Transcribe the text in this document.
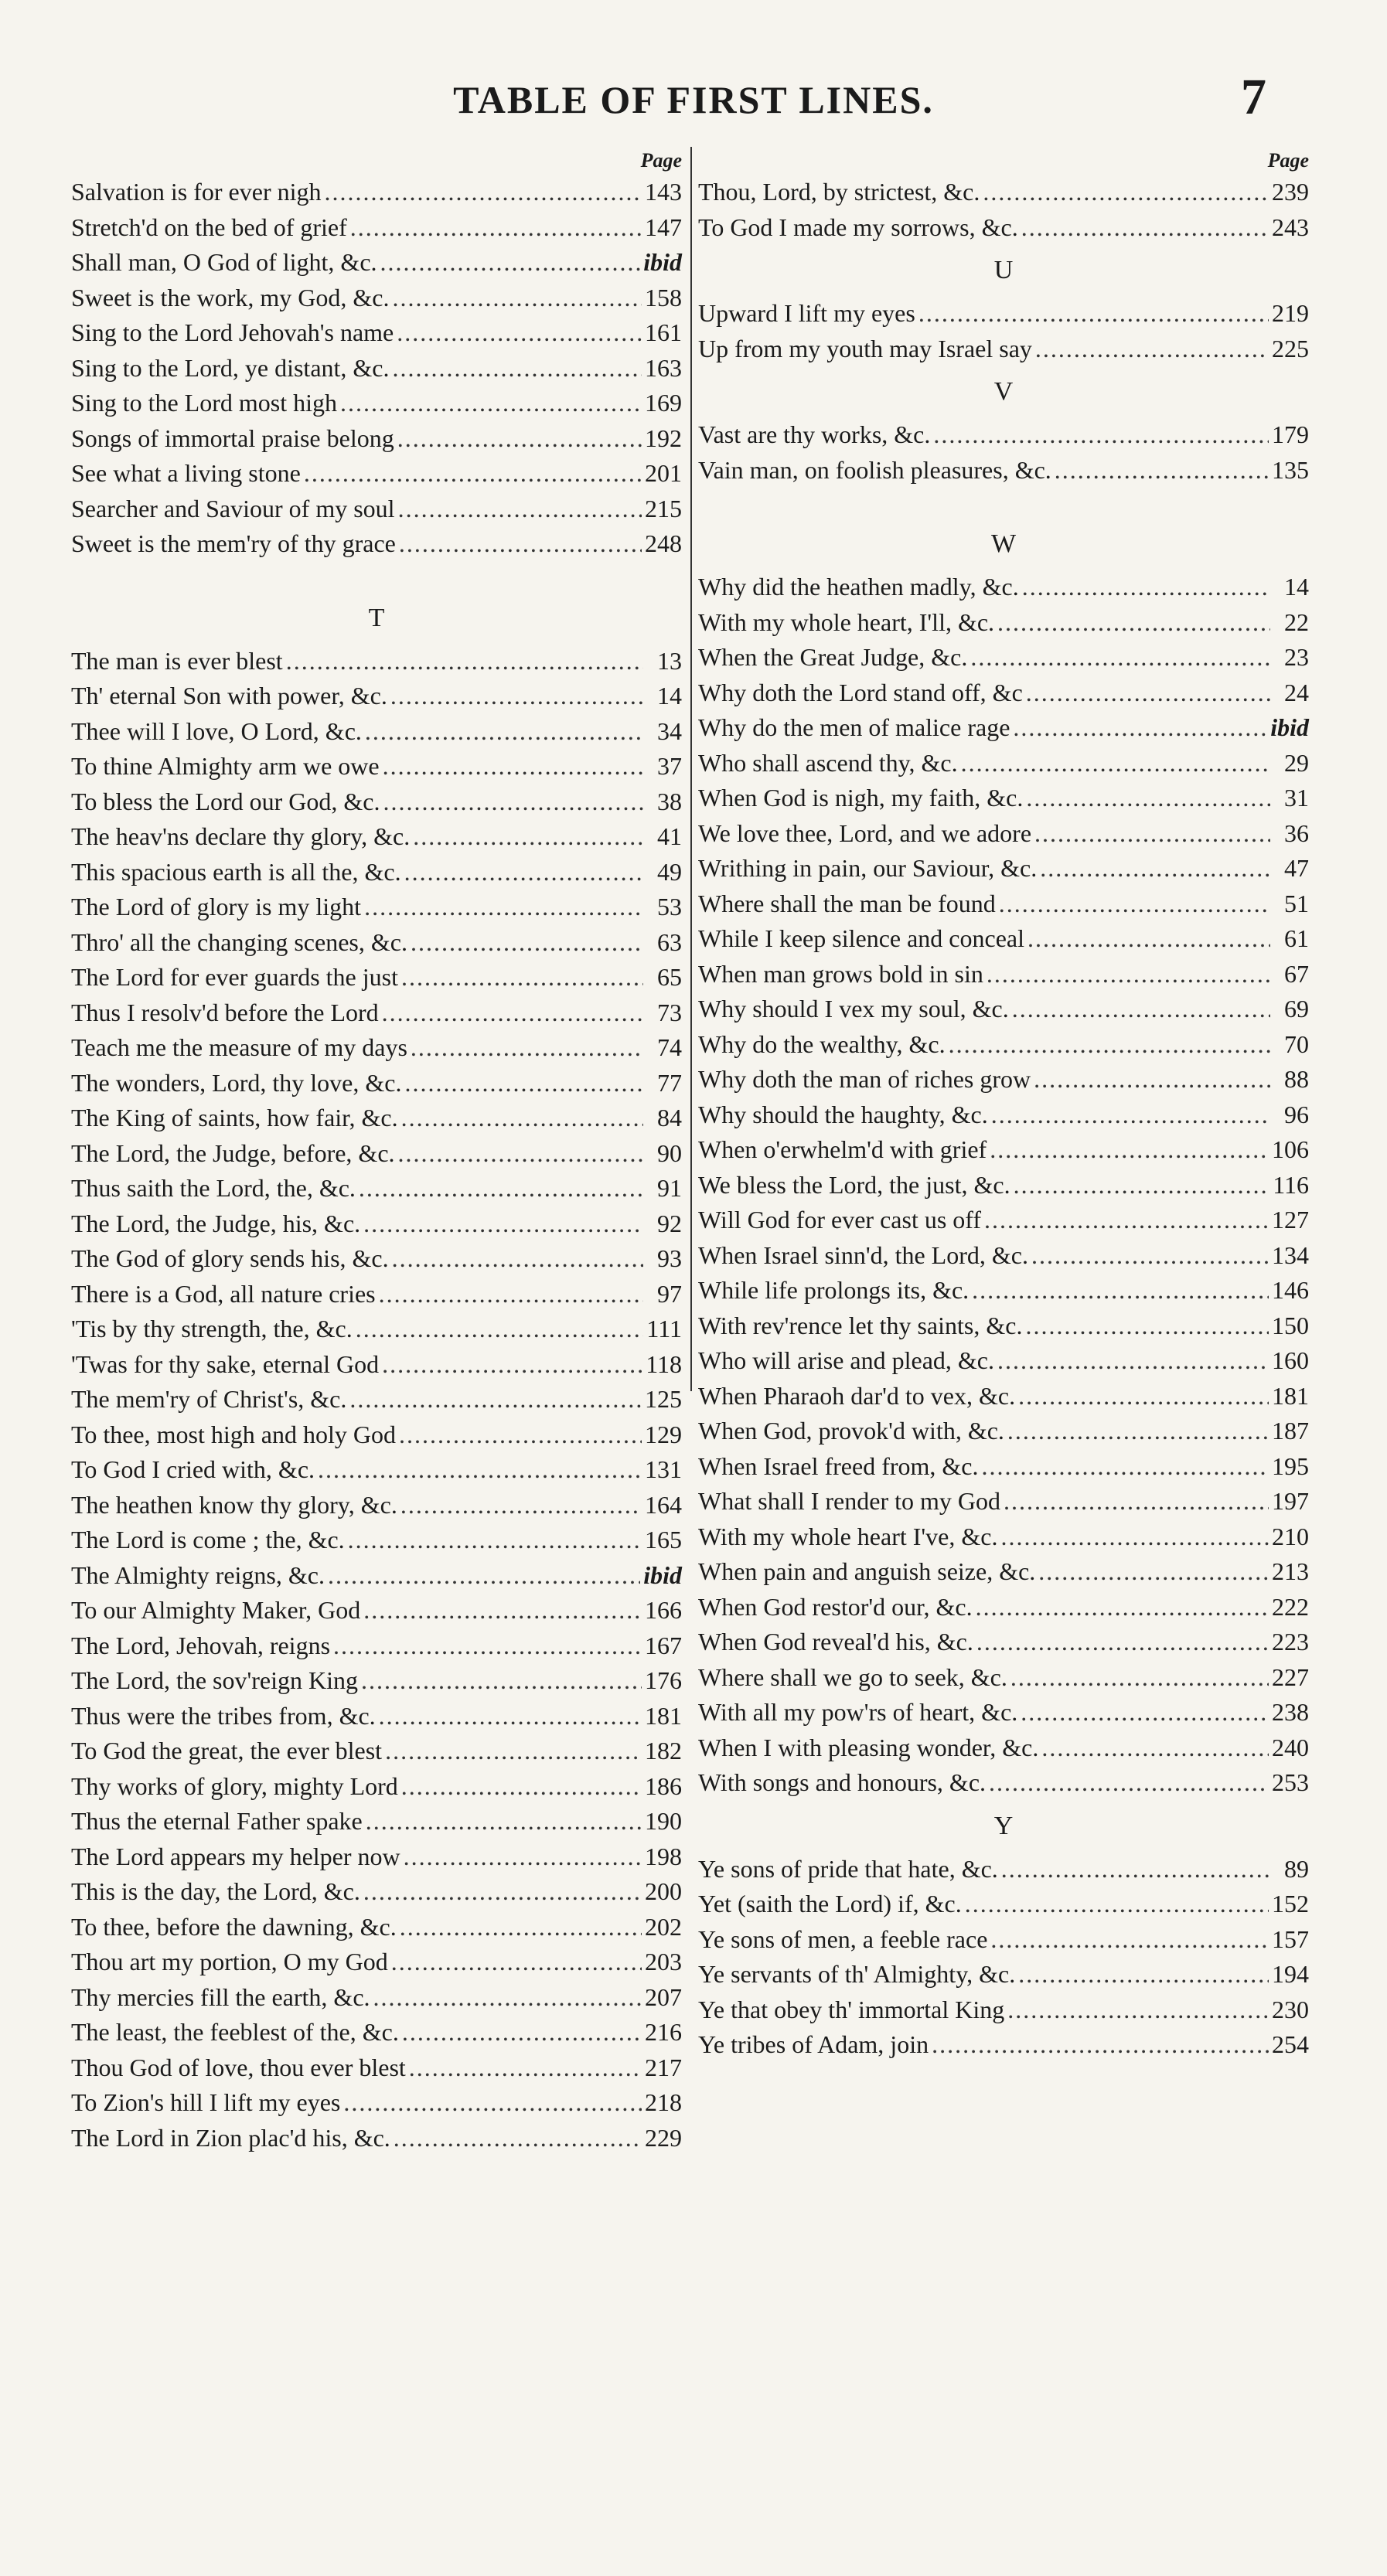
TABLE OF FIRST LINES.	7
Page
Salvation is for ever nigh .....	143
Stretch'd on the bed of grief .....	147
Shall man, O God of light, &c. .....	ibid
Sweet is the work, my God, &c. .....	158
Sing to the Lord Jehovah's name .....	161
Sing to the Lord, ye distant, &c. .....	163
Sing to the Lord most high .....	169
Songs of immortal praise belong .....	192
See what a living stone .....	201
Searcher and Saviour of my soul .....	215
Sweet is the mem'ry of thy grace .....	248
T
The man is ever blest .....	13
Th' eternal Son with power, &c. .....	14
Thee will I love, O Lord, &c. .....	34
To thine Almighty arm we owe .....	37
To bless the Lord our God, &c. .....	38
The heav'ns declare thy glory, &c. .....	41
This spacious earth is all the, &c. .....	49
The Lord of glory is my light .....	53
Thro' all the changing scenes, &c. .....	63
The Lord for ever guards the just .....	65
Thus I resolv'd before the Lord .....	73
Teach me the measure of my days .....	74
The wonders, Lord, thy love, &c. .....	77
The King of saints, how fair, &c. .....	84
The Lord, the Judge, before, &c. .....	90
Thus saith the Lord, the, &c. .....	91
The Lord, the Judge, his, &c. .....	92
The God of glory sends his, &c. .....	93
There is a God, all nature cries .....	97
'Tis by thy strength, the, &c. .....	111
'Twas for thy sake, eternal God .....	118
The mem'ry of Christ's, &c. .....	125
To thee, most high and holy God .....	129
To God I cried with, &c. .....	131
The heathen know thy glory, &c. .....	164
The Lord is come ; the, &c. .....	165
The Almighty reigns, &c. .....	ibid
To our Almighty Maker, God .....	166
The Lord, Jehovah, reigns .....	167
The Lord, the sov'reign King .....	176
Thus were the tribes from, &c. .....	181
To God the great, the ever blest .....	182
Thy works of glory, mighty Lord .....	186
Thus the eternal Father spake .....	190
The Lord appears my helper now .....	198
This is the day, the Lord, &c. .....	200
To thee, before the dawning, &c. .....	202
Thou art my portion, O my God .....	203
Thy mercies fill the earth, &c. .....	207
The least, the feeblest of the, &c. .....	216
Thou God of love, thou ever blest .....	217
To Zion's hill I lift my eyes .....	218
The Lord in Zion plac'd his, &c. .....	229
Page
Thou, Lord, by strictest, &c. .....	239
To God I made my sorrows, &c. .....	243
U
Upward I lift my eyes .....	219
Up from my youth may Israel say .....	225
V
Vast are thy works, &c. .....	179
Vain man, on foolish pleasures, &c. .....	135
W
Why did the heathen madly, &c. .....	14
With my whole heart, I'll, &c. .....	22
When the Great Judge, &c. .....	23
Why doth the Lord stand off, &c .....	24
Why do the men of malice rage .....	ibid
Who shall ascend thy, &c. .....	29
When God is nigh, my faith, &c. .....	31
We love thee, Lord, and we adore .....	36
Writhing in pain, our Saviour, &c. .....	47
Where shall the man be found .....	51
While I keep silence and conceal .....	61
When man grows bold in sin .....	67
Why should I vex my soul, &c. .....	69
Why do the wealthy, &c. .....	70
Why doth the man of riches grow .....	88
Why should the haughty, &c. .....	96
When o'erwhelm'd with grief .....	106
We bless the Lord, the just, &c. .....	116
Will God for ever cast us off .....	127
When Israel sinn'd, the Lord, &c. .....	134
While life prolongs its, &c. .....	146
With rev'rence let thy saints, &c. .....	150
Who will arise and plead, &c. .....	160
When Pharaoh dar'd to vex, &c. .....	181
When God, provok'd with, &c. .....	187
When Israel freed from, &c. .....	195
What shall I render to my God .....	197
With my whole heart I've, &c. .....	210
When pain and anguish seize, &c. .....	213
When God restor'd our, &c. .....	222
When God reveal'd his, &c. .....	223
Where shall we go to seek, &c. .....	227
With all my pow'rs of heart, &c. .....	238
When I with pleasing wonder, &c. .....	240
With songs and honours, &c. .....	253
Y
Ye sons of pride that hate, &c. .....	89
Yet (saith the Lord) if, &c. .....	152
Ye sons of men, a feeble race .....	157
Ye servants of th' Almighty, &c. .....	194
Ye that obey th' immortal King .....	230
Ye tribes of Adam, join .....	254
